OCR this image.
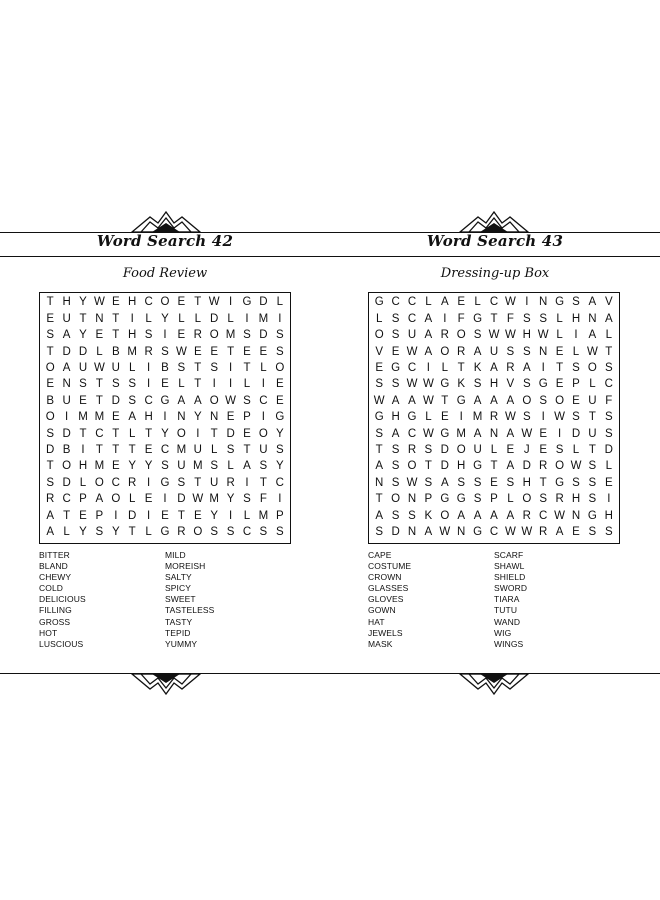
Word Search 42
Food Review
T H Y W E H C O E T W I G D L
E U T N T I	L Y L L D L	I M I
S A Y E T H S I E R O M S D S
T D D L B M R S W E E T E E S
O A U W U L	I B S T S I T L O
E N S T S S I E L T I	I	L	I E
B U E T D S C G A A O W S C E
O I M M E A H I N Y N E P I G
S D T C T L T Y O I T D E O Y
D B I T T T E C M U L S T U S
T O H M E Y Y S U M S L A S Y
S D L O C R I G S T U R I T C
R C P A O L E I D W M Y S F I
A T E P I D I E T E Y I	L M P
A L Y S Y T L G R O S S C S S
BITTER
BLAND
CHEWY
COLD
DELICIOUS
FILLING
GROSS
HOT
LUSCIOUS
MILD
MOREISH
SALTY
SPICY
SWEET
TASTELESS
TASTY
TEPID
YUMMY
Word Search 43
Dressing-up Box
G C C L A E L C W I N G S A V
L S C A I F G T F S S L H N A
O S U A R O S W W H W L	I A L
V E W A O R A U S S N E L W T
E G C I	L T K A R A I T S O S
S S W W G K S H V S G E P L C
W A A W T G A A A O S O E U F
G H G L E I M R W S I W S T S
S A C W G M A N A W E I D U S
T S R S D O U L E J E S L T D
A S O T D H G T A D R O W S L
N S W S A S S E S H T G S S E
T O N P G G S P L O S R H S I
A S S K O A A A A R C W N G H
S D N A W N G C W W R A E S S
CAPE
COSTUME
CROWN
GLASSES
GLOVES
GOWN
HAT
JEWELS
MASK
SCARF
SHAWL
SHIELD
SWORD
TIARA
TUTU
WAND
WIG
WINGS
